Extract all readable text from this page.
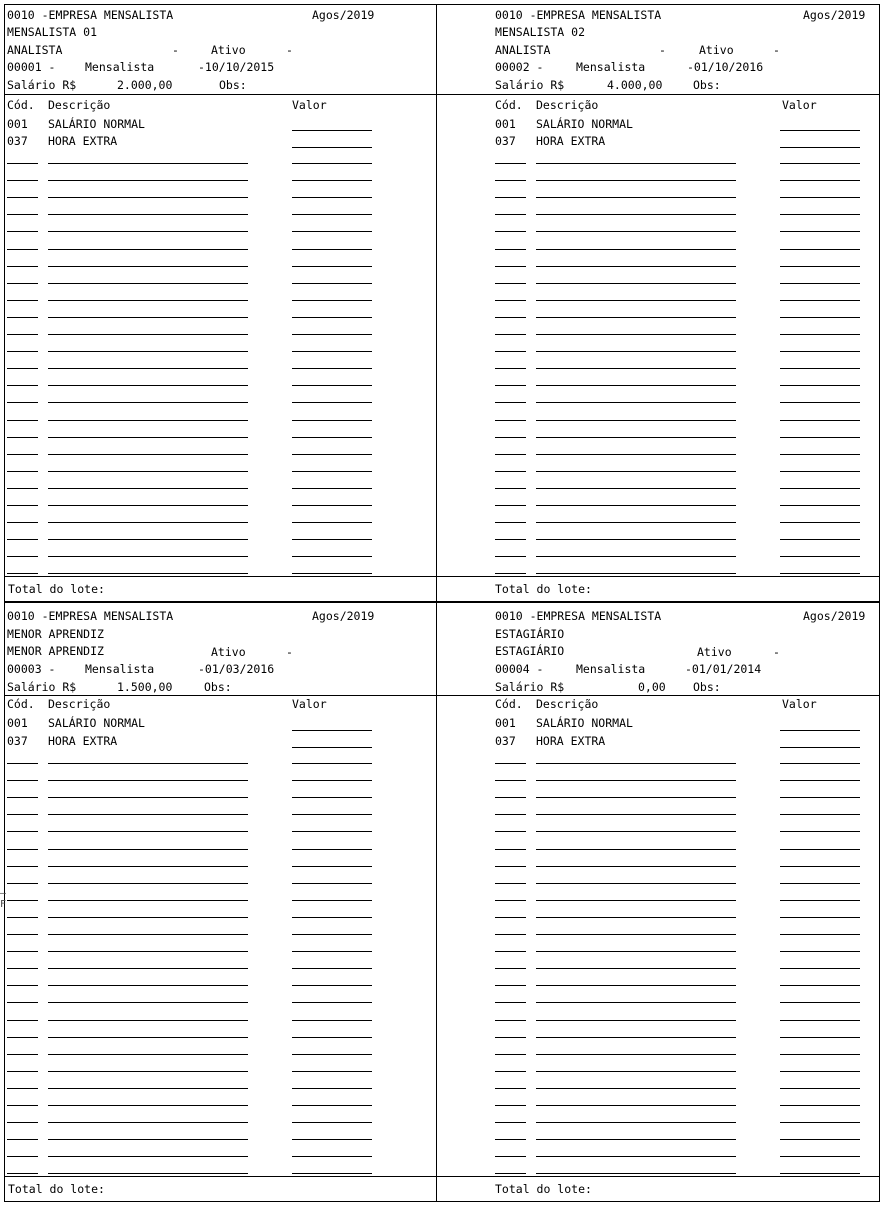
0010 -EMPRESA MENSALISTA	Agos/2019
MENSALISTA 01
ANALISTA	-	Ativo	-
00001 -	Mensalista	-10/10/2015
Salário R$	2.000,00	Obs:
Cód. Descrição	Valor
001 SALÁRIO NORMAL
037 HORA EXTRA
Total do lote:
0010 -EMPRESA MENSALISTA	Agos/2019
MENSALISTA 02
ANALISTA	-	Ativo	-
00002 -	Mensalista	-01/10/2016
Salário R$	4.000,00	Obs:
Cód. Descrição	Valor
001 SALÁRIO NORMAL
037 HORA EXTRA
Total do lote:
0010 -EMPRESA MENSALISTA	Agos/2019
MENOR APRENDIZ
MENOR APRENDIZ	Ativo	-
00003 -	Mensalista	-01/03/2016
Salário R$	1.500,00	Obs:
Cód. Descrição	Valor
001 SALÁRIO NORMAL
037 HORA EXTRA
Total do lote:
0010 -EMPRESA MENSALISTA	Agos/2019
ESTAGIÁRIO
ESTAGIÁRIO	Ativo	-
00004 -	Mensalista	-01/01/2014
Salário R$	0,00 Obs:
Cód. Descrição	Valor
001 SALÁRIO NORMAL
037 HORA EXTRA
Total do lote:
–
F
